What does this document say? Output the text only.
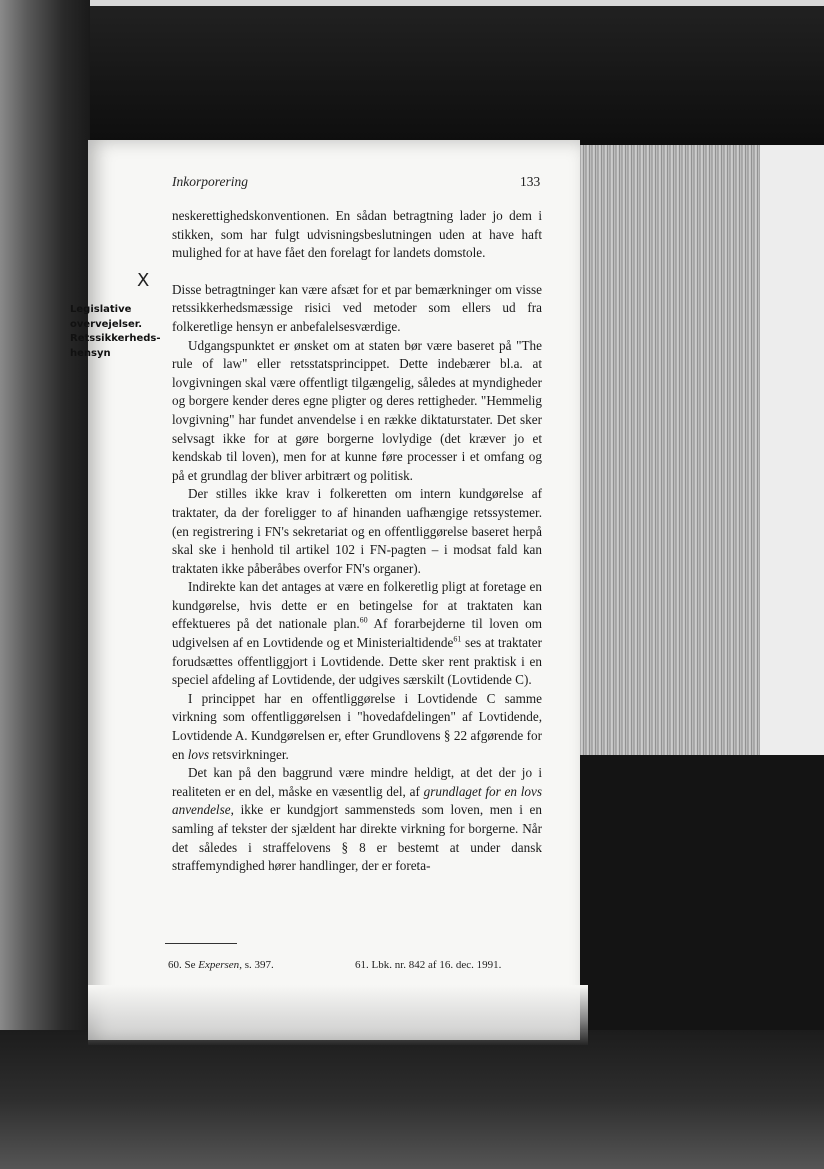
X
Legislative
overvejelser.
Retssikkerheds-
hensyn
Inkorporering	133

neskerettighedskonventionen. En sådan betragtning lader jo dem i stikken, som har fulgt udvisningsbeslutningen uden at have haft mulighed for at have fået den forelagt for landets domstole.

Disse betragtninger kan være afsæt for et par bemærkninger om visse retssikkerhedsmæssige risici ved metoder som ellers ud fra folkeretlige hensyn er anbefalelsesværdige.

Udgangspunktet er ønsket om at staten bør være baseret på "The rule of law" eller retsstatsprincippet. Dette indebærer bl.a. at lovgivningen skal være offentligt tilgængelig, således at myndigheder og borgere kender deres egne pligter og deres rettigheder. "Hemmelig lovgivning" har fundet anvendelse i en række diktaturstater. Det sker selvsagt ikke for at gøre borgerne lovlydige (det kræver jo et kendskab til loven), men for at kunne føre processer i et omfang og på et grundlag der bliver arbitrært og politisk.

Der stilles ikke krav i folkeretten om intern kundgørelse af traktater, da der foreligger to af hinanden uafhængige retssystemer. (en registrering i FN's sekretariat og en offentliggørelse baseret herpå skal ske i henhold til artikel 102 i FN-pagten – i modsat fald kan traktaten ikke påberåbes overfor FN's organer).

Indirekte kan det antages at være en folkeretlig pligt at foretage en kundgørelse, hvis dette er en betingelse for at traktaten kan effektueres på det nationale plan.$^{60}$ Af forarbejderne til loven om udgivelsen af en Lovtidende og et Ministerialtidende$^{61}$ ses at traktater forudsættes offentliggjort i Lovtidende. Dette sker rent praktisk i en speciel afdeling af Lovtidende, der udgives særskilt (Lovtidende C).

I princippet har en offentliggørelse i Lovtidende C samme virkning som offentliggørelsen i "hovedafdelingen" af Lovtidende, Lovtidende A. Kundgørelsen er, efter Grundlovens § 22 afgørende for en lovs retsvirkninger.

Det kan på den baggrund være mindre heldigt, at det der jo i realiteten er en del, måske en væsentlig del, af grundlaget for en lovs anvendelse, ikke er kundgjort sammensteds som loven, men i en samling af tekster der sjældent har direkte virkning for borgerne. Når det således i straffelovens § 8 er bestemt at under dansk straffemyndighed hører handlinger, der er foreta-

60. Se Expersen, s. 397.	61. Lbk. nr. 842 af 16. dec. 1991.
